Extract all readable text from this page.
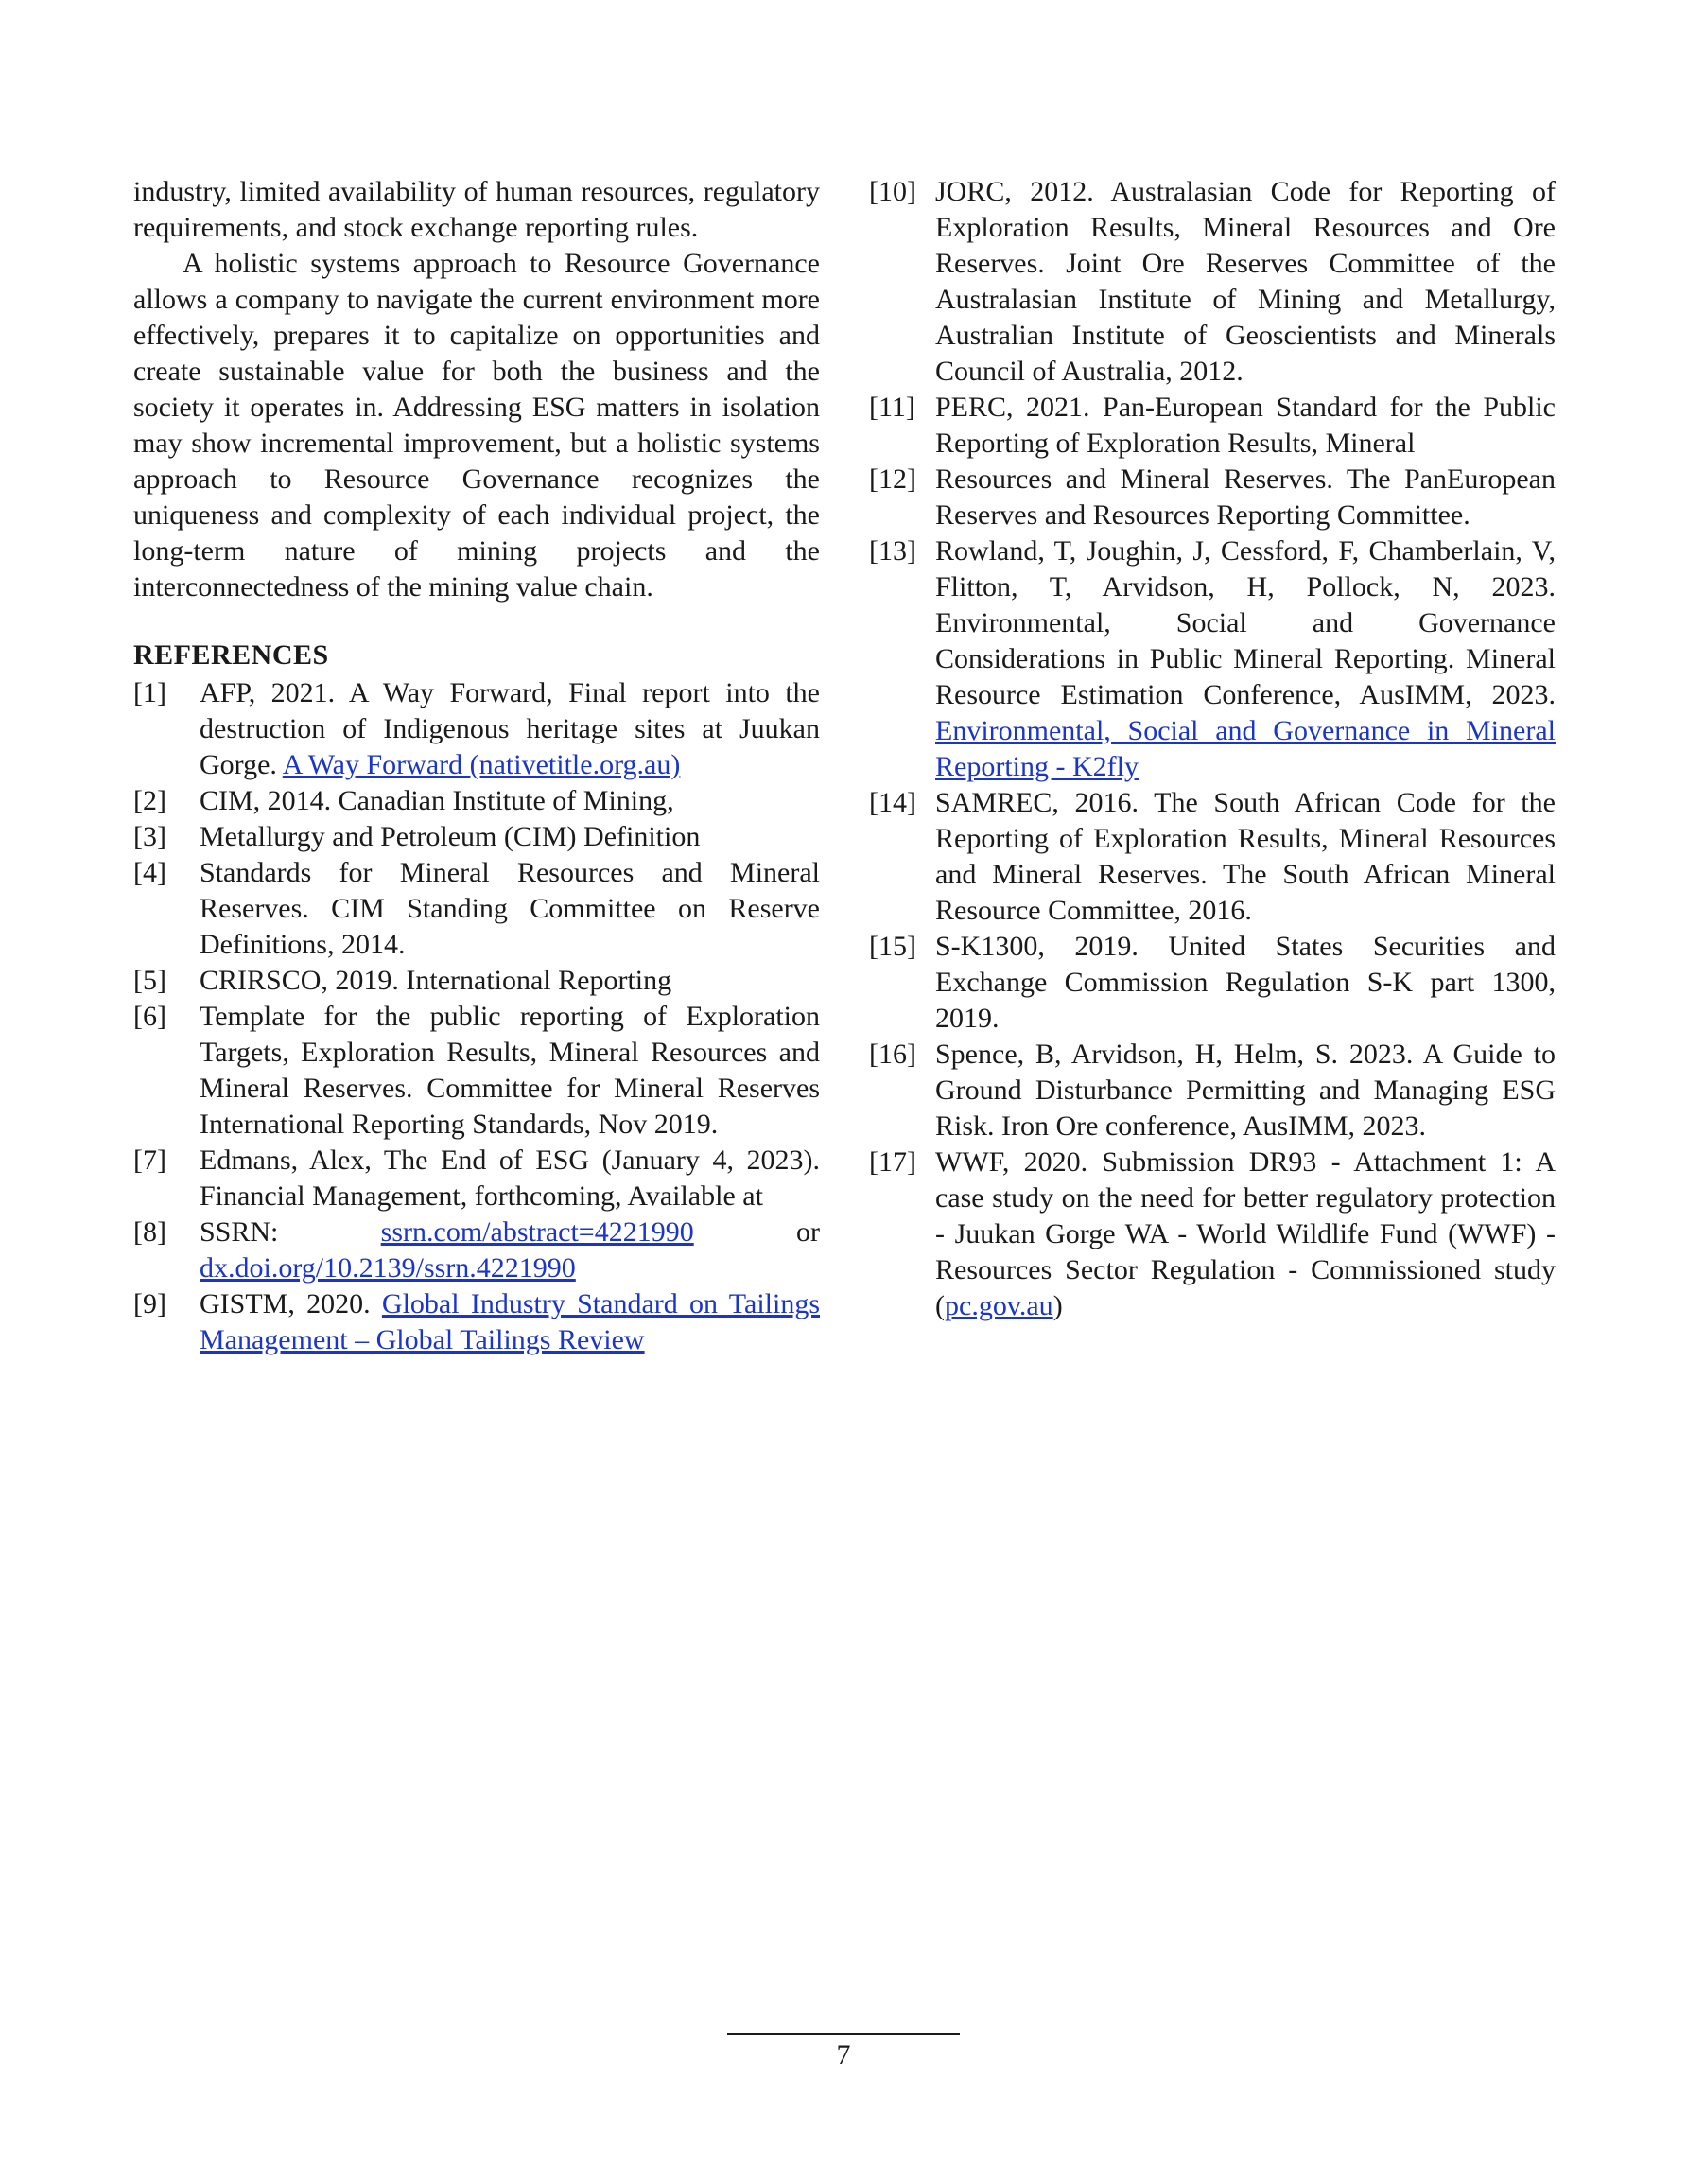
industry, limited availability of human resources, regulatory requirements, and stock exchange reporting rules.

A holistic systems approach to Resource Governance allows a company to navigate the current environment more effectively, prepares it to capitalize on opportunities and create sustainable value for both the business and the society it operates in. Addressing ESG matters in isolation may show incremental improvement, but a holistic systems approach to Resource Governance recognizes the uniqueness and complexity of each individual project, the long-term nature of mining projects and the interconnectedness of the mining value chain.

REFERENCES
[1] AFP, 2021. A Way Forward, Final report into the destruction of Indigenous heritage sites at Juukan Gorge. A Way Forward (nativetitle.org.au)
[2] CIM, 2014. Canadian Institute of Mining,
[3] Metallurgy and Petroleum (CIM) Definition
[4] Standards for Mineral Resources and Mineral Reserves. CIM Standing Committee on Reserve Definitions, 2014.
[5] CRIRSCO, 2019. International Reporting
[6] Template for the public reporting of Exploration Targets, Exploration Results, Mineral Resources and Mineral Reserves. Committee for Mineral Reserves International Reporting Standards, Nov 2019.
[7] Edmans, Alex, The End of ESG (January 4, 2023). Financial Management, forthcoming, Available at
[8] SSRN: ssrn.com/abstract=4221990 or dx.doi.org/10.2139/ssrn.4221990
[9] GISTM, 2020. Global Industry Standard on Tailings Management – Global Tailings Review
[10] JORC, 2012. Australasian Code for Reporting of Exploration Results, Mineral Resources and Ore Reserves. Joint Ore Reserves Committee of the Australasian Institute of Mining and Metallurgy, Australian Institute of Geoscientists and Minerals Council of Australia, 2012.
[11] PERC, 2021. Pan-European Standard for the Public Reporting of Exploration Results, Mineral
[12] Resources and Mineral Reserves. The PanEuropean Reserves and Resources Reporting Committee.
[13] Rowland, T, Joughin, J, Cessford, F, Chamberlain, V, Flitton, T, Arvidson, H, Pollock, N, 2023. Environmental, Social and Governance Considerations in Public Mineral Reporting. Mineral Resource Estimation Conference, AusIMM, 2023. Environmental, Social and Governance in Mineral Reporting - K2fly
[14] SAMREC, 2016. The South African Code for the Reporting of Exploration Results, Mineral Resources and Mineral Reserves. The South African Mineral Resource Committee, 2016.
[15] S-K1300, 2019. United States Securities and Exchange Commission Regulation S-K part 1300, 2019.
[16] Spence, B, Arvidson, H, Helm, S. 2023. A Guide to Ground Disturbance Permitting and Managing ESG Risk. Iron Ore conference, AusIMM, 2023.
[17] WWF, 2020. Submission DR93 - Attachment 1: A case study on the need for better regulatory protection - Juukan Gorge WA - World Wildlife Fund (WWF) - Resources Sector Regulation - Commissioned study (pc.gov.au)
7
